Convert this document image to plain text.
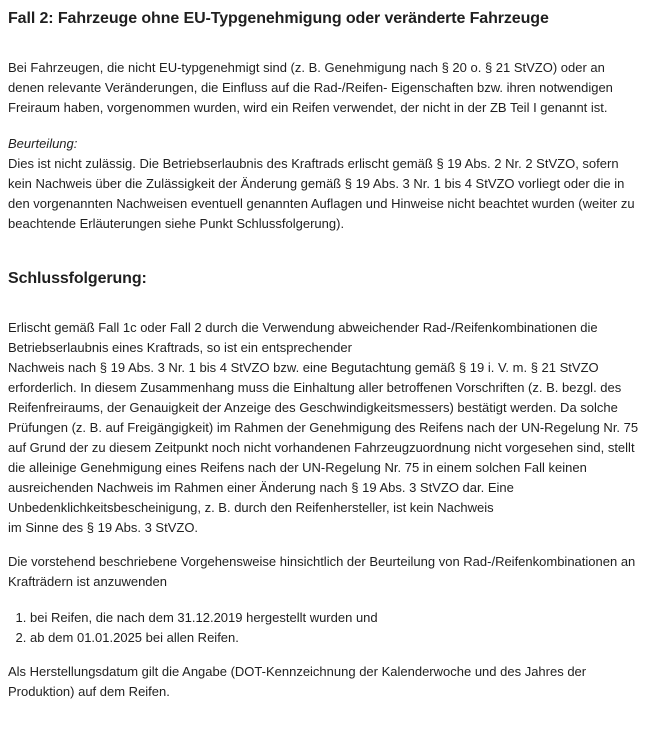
Fall 2: Fahrzeuge ohne EU-Typgenehmigung oder veränderte Fahrzeuge

Bei Fahrzeugen, die nicht EU-typgenehmigt sind (z. B. Genehmigung nach § 20 o. § 21 StVZO) oder an denen relevante Veränderungen, die Einfluss auf die Rad-/Reifen- Eigenschaften bzw. ihren notwendigen Freiraum haben, vorgenommen wurden, wird ein Reifen verwendet, der nicht in der ZB Teil I genannt ist.

Beurteilung:

Dies ist nicht zulässig. Die Betriebserlaubnis des Kraftrads erlischt gemäß § 19 Abs. 2 Nr. 2 StVZO, sofern kein Nachweis über die Zulässigkeit der Änderung gemäß § 19 Abs. 3 Nr. 1 bis 4 StVZO vorliegt oder die in den vorgenannten Nachweisen eventuell genannten Auflagen und Hinweise nicht beachtet wurden (weiter zu beachtende Erläuterungen siehe Punkt Schlussfolgerung).

Schlussfolgerung:

Erlischt gemäß Fall 1c oder Fall 2 durch die Verwendung abweichender Rad-/Reifenkombinationen die Betriebserlaubnis eines Kraftrads, so ist ein entsprechender
Nachweis nach § 19 Abs. 3 Nr. 1 bis 4 StVZO bzw. eine Begutachtung gemäß § 19 i. V. m. § 21 StVZO erforderlich. In diesem Zusammenhang muss die Einhaltung aller betroffenen Vorschriften (z. B. bezgl. des Reifenfreiraums, der Genauigkeit der Anzeige des Geschwindigkeitsmessers) bestätigt werden. Da solche Prüfungen (z. B. auf Freigängigkeit) im Rahmen der Genehmigung des Reifens nach der UN-Regelung Nr. 75 auf Grund der zu diesem Zeitpunkt noch nicht vorhandenen Fahrzeugzuordnung nicht vorgesehen sind, stellt die alleinige Genehmigung eines Reifens nach der UN-Regelung Nr. 75 in einem solchen Fall keinen ausreichenden Nachweis im Rahmen einer Änderung nach § 19 Abs. 3 StVZO dar. Eine Unbedenklichkeitsbescheinigung, z. B. durch den Reifenhersteller, ist kein Nachweis
im Sinne des § 19 Abs. 3 StVZO.

Die vorstehend beschriebene Vorgehensweise hinsichtlich der Beurteilung von Rad-/Reifenkombinationen an Krafträdern ist anzuwenden

1. bei Reifen, die nach dem 31.12.2019 hergestellt wurden und
2. ab dem 01.01.2025 bei allen Reifen.

Als Herstellungsdatum gilt die Angabe (DOT-Kennzeichnung der Kalenderwoche und des Jahres der Produktion) auf dem Reifen.
